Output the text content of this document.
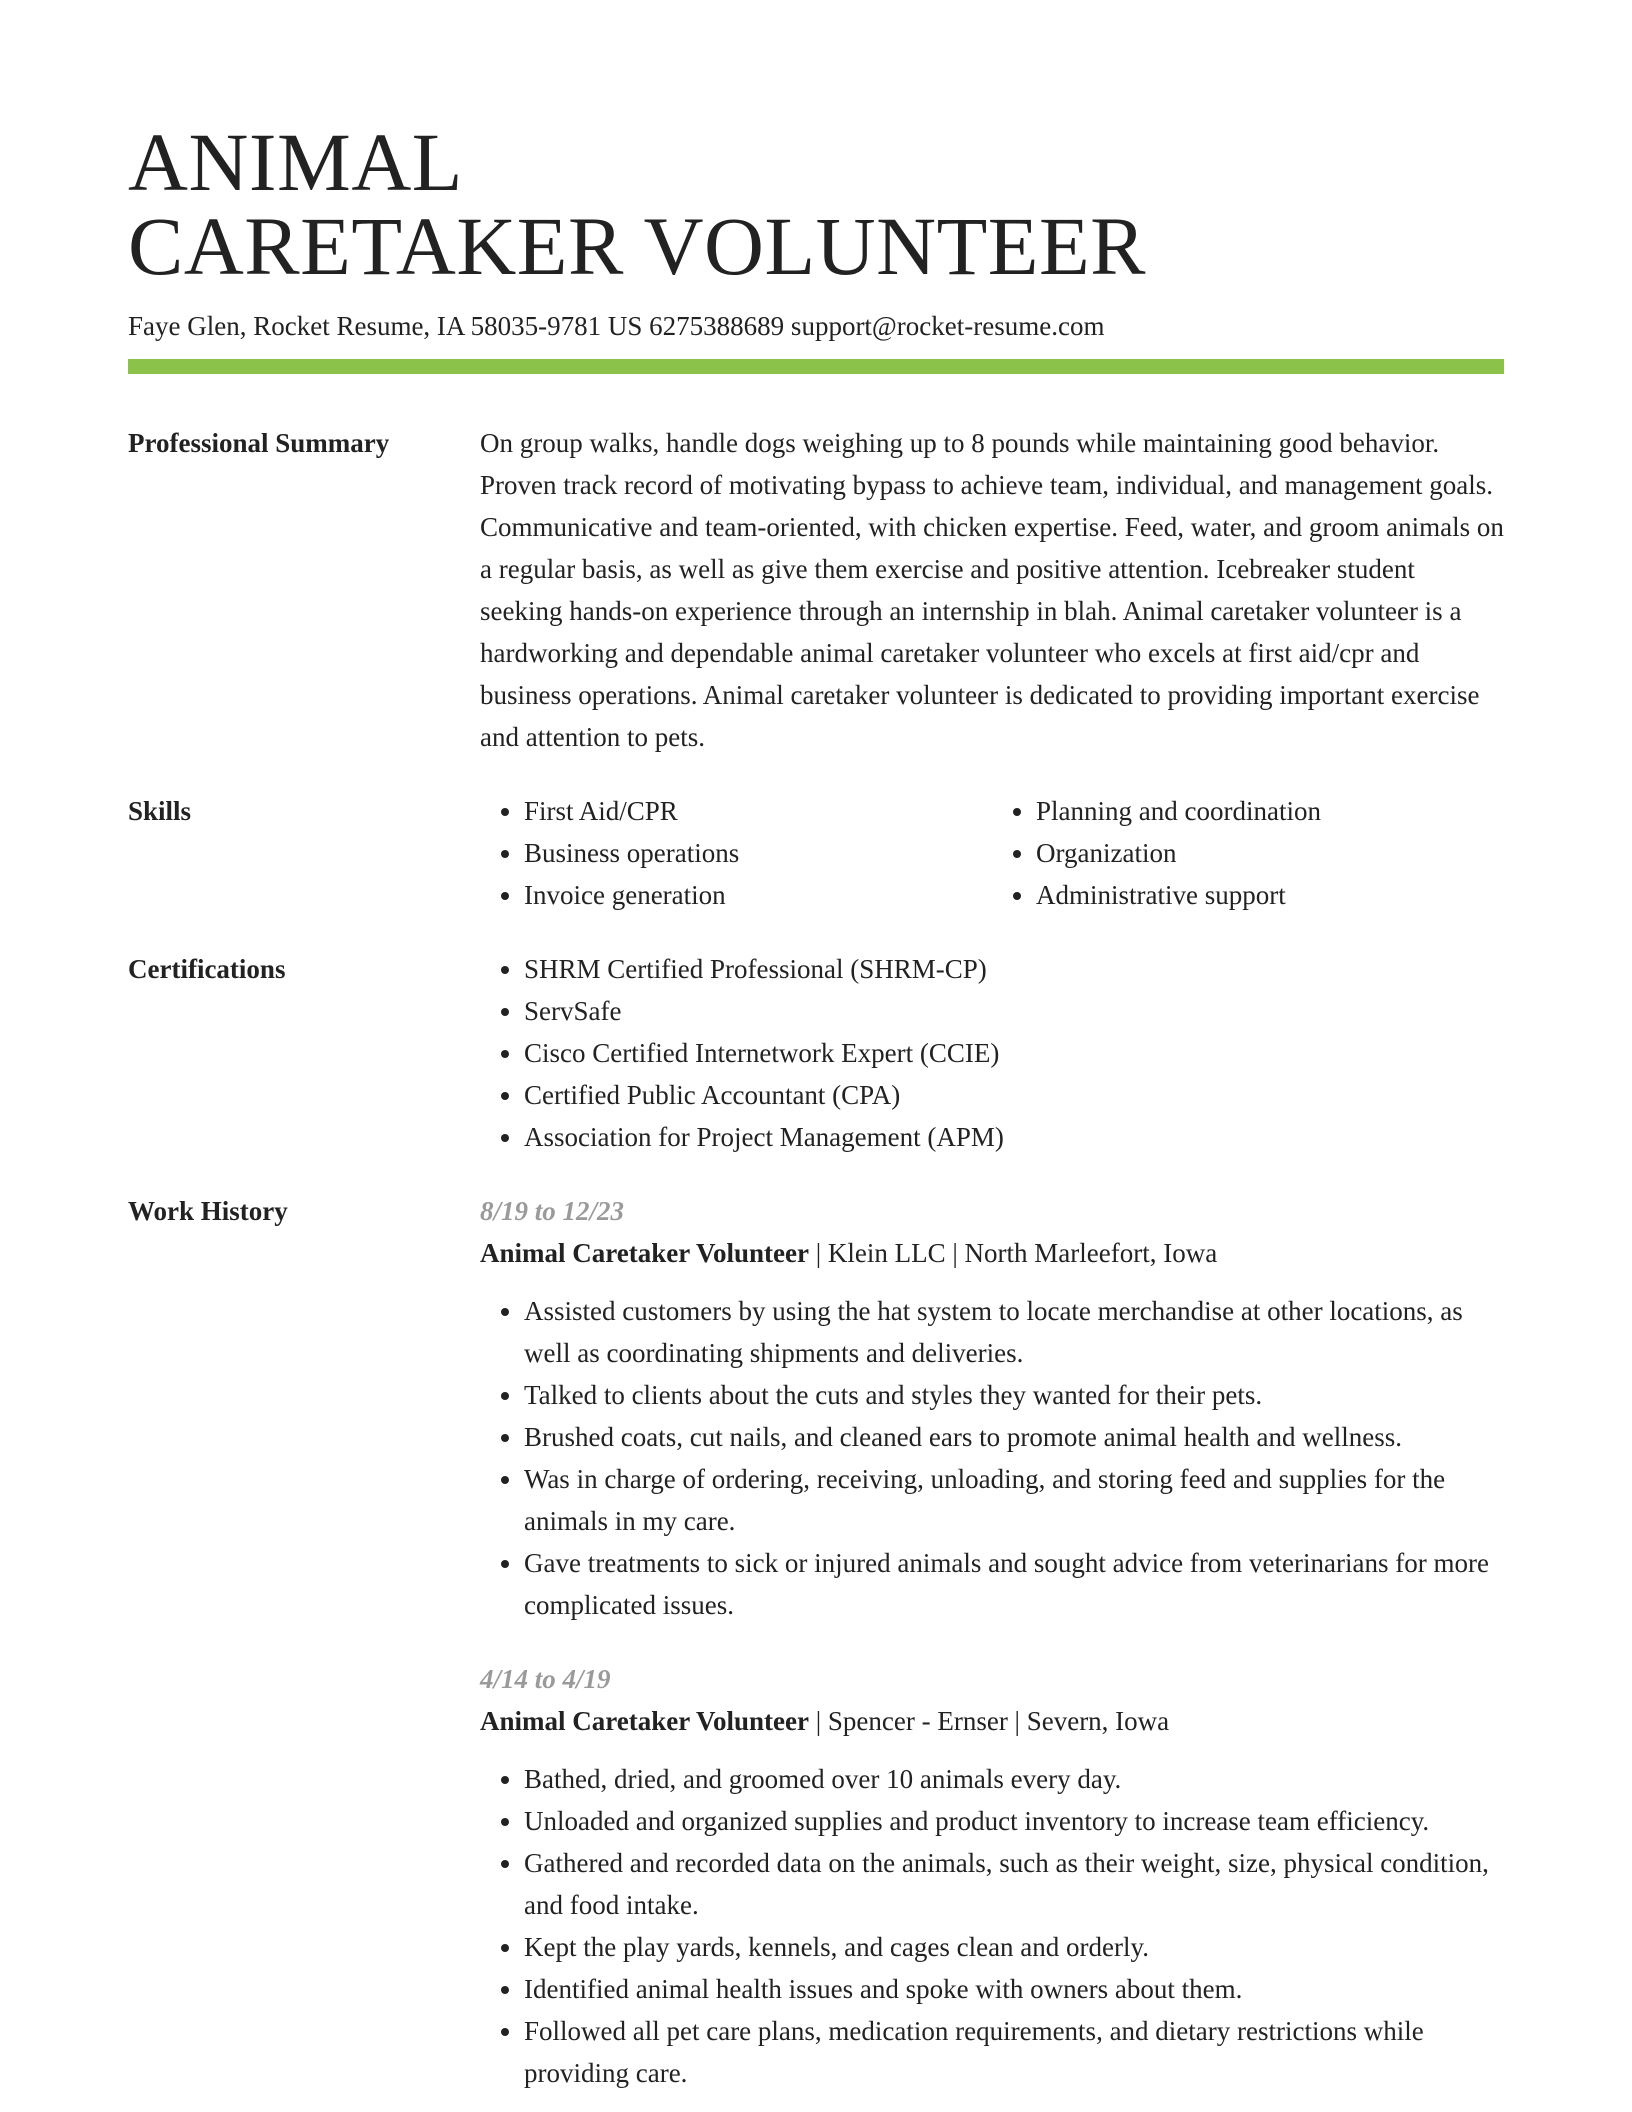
ANIMAL
CARETAKER VOLUNTEER
Faye Glen, Rocket Resume, IA 58035-9781 US 6275388689 support@rocket-resume.com
Professional Summary	On group walks, handle dogs weighing up to 8 pounds while maintaining good behavior. Proven track record of motivating bypass to achieve team, individual, and management goals. Communicative and team-oriented, with chicken expertise. Feed, water, and groom animals on a regular basis, as well as give them exercise and positive attention. Icebreaker student seeking hands-on experience through an internship in blah. Animal caretaker volunteer is a hardworking and dependable animal caretaker volunteer who excels at first aid/cpr and business operations. Animal caretaker volunteer is dedicated to providing important exercise and attention to pets.
Skills	• First Aid/CPR
• Business operations
• Invoice generation
• Planning and coordination
• Organization
• Administrative support
Certifications	• SHRM Certified Professional (SHRM-CP)
• ServSafe
• Cisco Certified Internetwork Expert (CCIE)
• Certified Public Accountant (CPA)
• Association for Project Management (APM)
Work History	8/19 to 12/23
Animal Caretaker Volunteer | Klein LLC | North Marleefort, Iowa
• Assisted customers by using the hat system to locate merchandise at other locations, as well as coordinating shipments and deliveries.
• Talked to clients about the cuts and styles they wanted for their pets.
• Brushed coats, cut nails, and cleaned ears to promote animal health and wellness.
• Was in charge of ordering, receiving, unloading, and storing feed and supplies for the animals in my care.
• Gave treatments to sick or injured animals and sought advice from veterinarians for more complicated issues.
4/14 to 4/19
Animal Caretaker Volunteer | Spencer - Ernser | Severn, Iowa
• Bathed, dried, and groomed over 10 animals every day.
• Unloaded and organized supplies and product inventory to increase team efficiency.
• Gathered and recorded data on the animals, such as their weight, size, physical condition, and food intake.
• Kept the play yards, kennels, and cages clean and orderly.
• Identified animal health issues and spoke with owners about them.
• Followed all pet care plans, medication requirements, and dietary restrictions while providing care.
